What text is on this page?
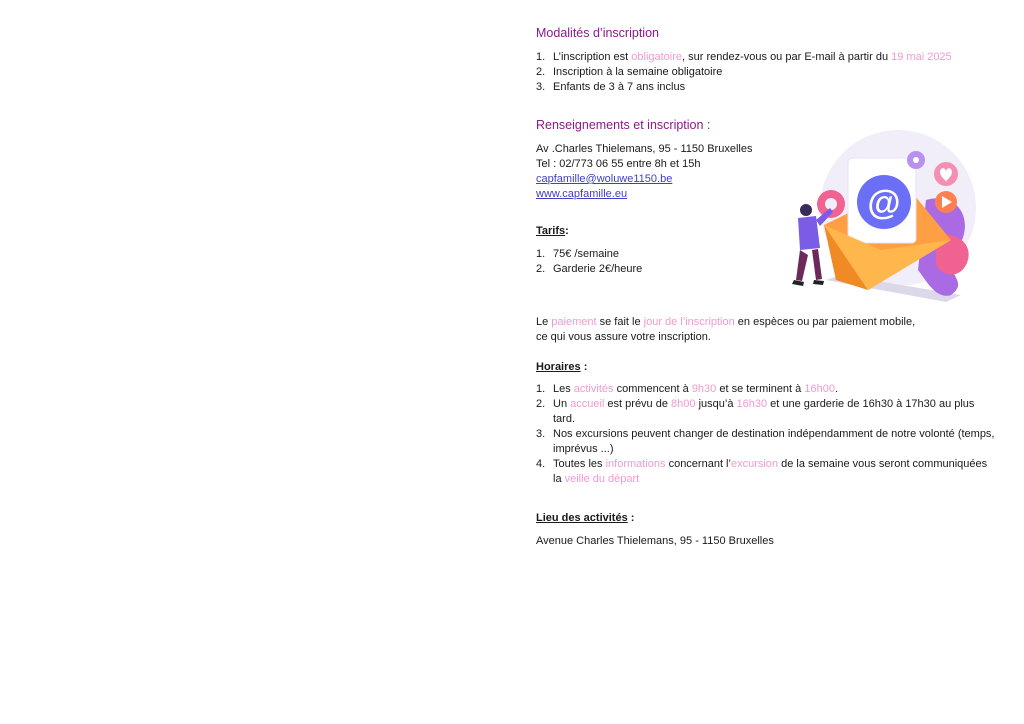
Modalités d’inscription
1. L’inscription est obligatoire, sur rendez-vous ou par E-mail à partir du 19 mai 2025
2. Inscription à la semaine obligatoire
3. Enfants de 3 à 7 ans inclus
Renseignements et inscription :

Av .Charles Thielemans, 95 - 1150 Bruxelles

Tel : 02/773 06 55 entre 8h et 15h

capfamille@woluwe1150.be

www.capfamille.eu

Tarifs:

1. 75€ /semaine
2. Garderie 2€/heure

Le paiement se fait le jour de l’inscription en espèces ou par paiement mobile,

ce qui vous assure votre inscription.

Horaires :

1. Les activités commencent à 9h30 et se terminent à 16h00.
2. Un accueil est prévu de 8h00 jusqu’à 16h30 et une garderie de 16h30 à 17h30 au plus tard.
3. Nos excursions peuvent changer de destination indépendamment de notre volonté (temps, imprévus ...)
4. Toutes les informations concernant l’excursion de la semaine vous seront communiquées la veille du départ

Lieu des activités :

Avenue Charles Thielemans, 95 - 1150 Bruxelles

@
